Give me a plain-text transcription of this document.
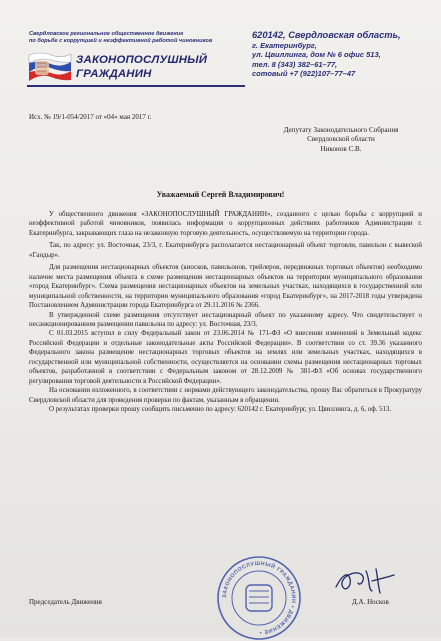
Свердловское региональное общественное движение
по борьбе с коррупцией и неэффективной работой чиновников
ЗАКОНОПОСЛУШНЫЙ
ГРАЖДАНИН
620142, Свердловская область,
г. Екатеринбург,
ул. Цвиллинга, дом № 6 офис 513,
тел. 8 (343) 382–61–77,
сотовый +7 (922)107–77–47
Исх. № 19/1-054/2017 от «04» мая 2017 г.
Депутату Законодательного Собрания
Свердловской области
Никонов С.В.
Уважаемый Сергей Владимирович!

У общественного движения «ЗАКОНОПОСЛУШНЫЙ ГРАЖДАНИН», созданного с целью борьбы с коррупцией и неэффективной работой чиновников, появилась информация о коррупционных действиях работников Администрации г. Екатеринбурга, закрывающих глаза на незаконную торговую деятельность, осуществляемую на территории города.

Так, по адресу: ул. Восточная, 23/3, г. Екатеринбурга располагается нестационарный объект торговли, павильон с вывеской «Гандыр».

Для размещения нестационарных объектов (киосков, павильонов, трейлеров, передвижных торговых объектов) необходимо наличие места размещения объекта в схеме размещения нестационарных объектов на территории муниципального образования «город Екатеринбург». Схема размещения нестационарных объектов на земельных участках, находящихся в государственной или муниципальной собственности, на территории муниципального образования «город Екатеринбург», на 2017-2018 годы утверждена Постановлением Администрации города Екатеринбурга от 29.11.2016 № 2366.

В утвержденной схеме размещения отсутствует нестационарный объект по указанному адресу. Что свидетельствует о несанкционированном размещении павильона по адресу: ул. Восточная, 23/3.

С 01.03.2015 вступил в силу Федеральный закон от 23.06.2014 № 171-ФЗ «О внесении изменений в Земельный кодекс Российской Федерации и отдельные законодательные акты Российской Федерации». В соответствии со ст. 39.36 указанного Федерального закона размещение нестационарных торговых объектов на землях или земельных участках, находящихся в государственной или муниципальной собственности, осуществляется на основании схемы размещения нестационарных торговых объектов, разработанной в соответствии с Федеральным законом от 28.12.2009 № 381-ФЗ «Об основах государственного регулирования торговой деятельности в Российской Федерации».

На основании изложенного, в соответствии с нормами действующего законодательства, прошу Вас обратиться в Прокуратуру Свердловской области для проведения проверки по фактам, указанным в обращении.

О результатах проверки прошу сообщить письменно по адресу: 620142 г. Екатеринбург, ул. Цвиллинга, д. 6, оф. 513.

ЗАКОНОПОСЛУШНЫЙ ГРАЖДАНИН • ДВИЖЕНИЕ •
Председатель Движения	Д.А. Носков
